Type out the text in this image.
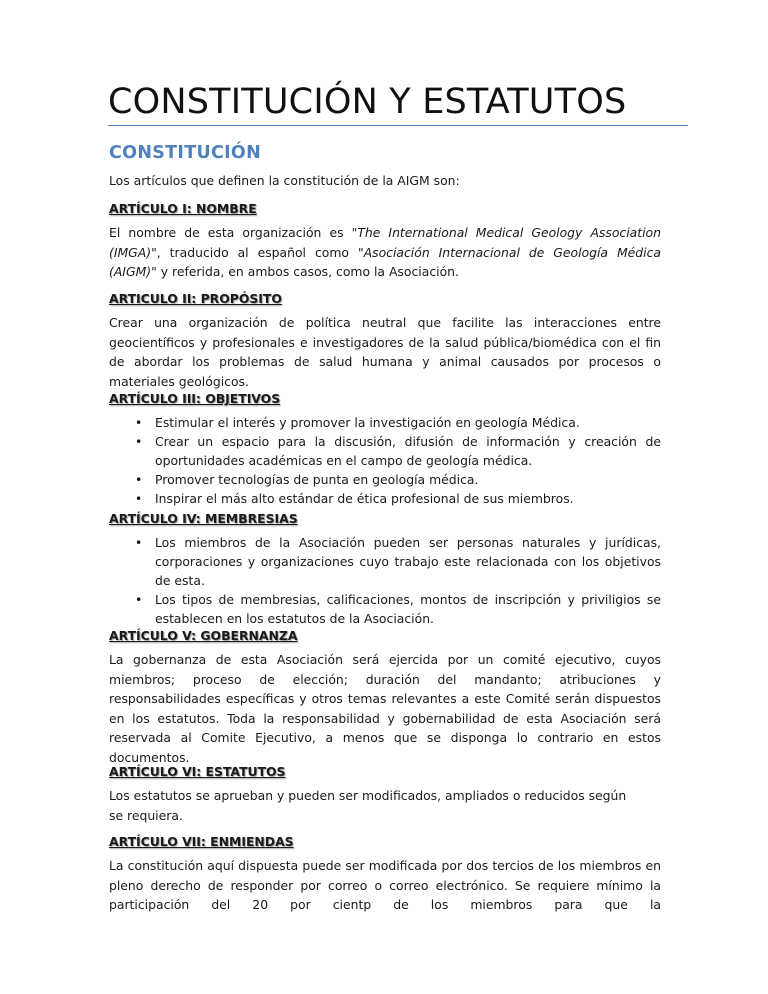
CONSTITUCIÓN Y ESTATUTOS
CONSTITUCIÓN

Los artículos que definen la constitución de la AIGM son:

ARTÍCULO I: NOMBRE

El nombre de esta organización es "The International Medical Geology Association (IMGA)", traducido al español como "Asociación Internacional de Geología Médica (AIGM)" y referida, en ambos casos, como la Asociación.

ARTICULO II: PROPÓSITO

Crear una organización de política neutral que facilite las interacciones entre geocientíficos y profesionales e investigadores de la salud pública/biomédica con el fin de abordar los problemas de salud humana y animal causados por procesos o materiales geológicos.

ARTÍCULO III: OBJETIVOS
• Estimular el interés y promover la investigación en geología Médica.
• Crear un espacio para la discusión, difusión de información y creación de oportunidades académicas en el campo de geología médica.
• Promover tecnologías de punta en geología médica.
• Inspirar el más alto estándar de ética profesional de sus miembros.
ARTÍCULO IV: MEMBRESIAS
• Los miembros de la Asociación pueden ser personas naturales y jurídicas, corporaciones y organizaciones cuyo trabajo este relacionada con los objetivos de esta.
• Los tipos de membresias, calificaciones, montos de inscripción y priviligios se establecen en los estatutos de la Asociación.
ARTÍCULO V: GOBERNANZA

La gobernanza de esta Asociación será ejercida por un comité ejecutivo, cuyos miembros; proceso de elección; duración del mandanto; atribuciones y responsabilidades específicas y otros temas relevantes a este Comité serán dispuestos en los estatutos. Toda la responsabilidad y gobernabilidad de esta Asociación será reservada al Comite Ejecutivo, a menos que se disponga lo contrario en estos documentos.

ARTÍCULO VI: ESTATUTOS

Los estatutos se aprueban y pueden ser modificados, ampliados o reducidos según se requiera.

ARTÍCULO VII: ENMIENDAS

La constitución aquí dispuesta puede ser modificada por dos tercios de los miembros en pleno derecho de responder por correo o correo electrónico. Se requiere mínimo la participación del 20 por cientp de los miembros para que la
